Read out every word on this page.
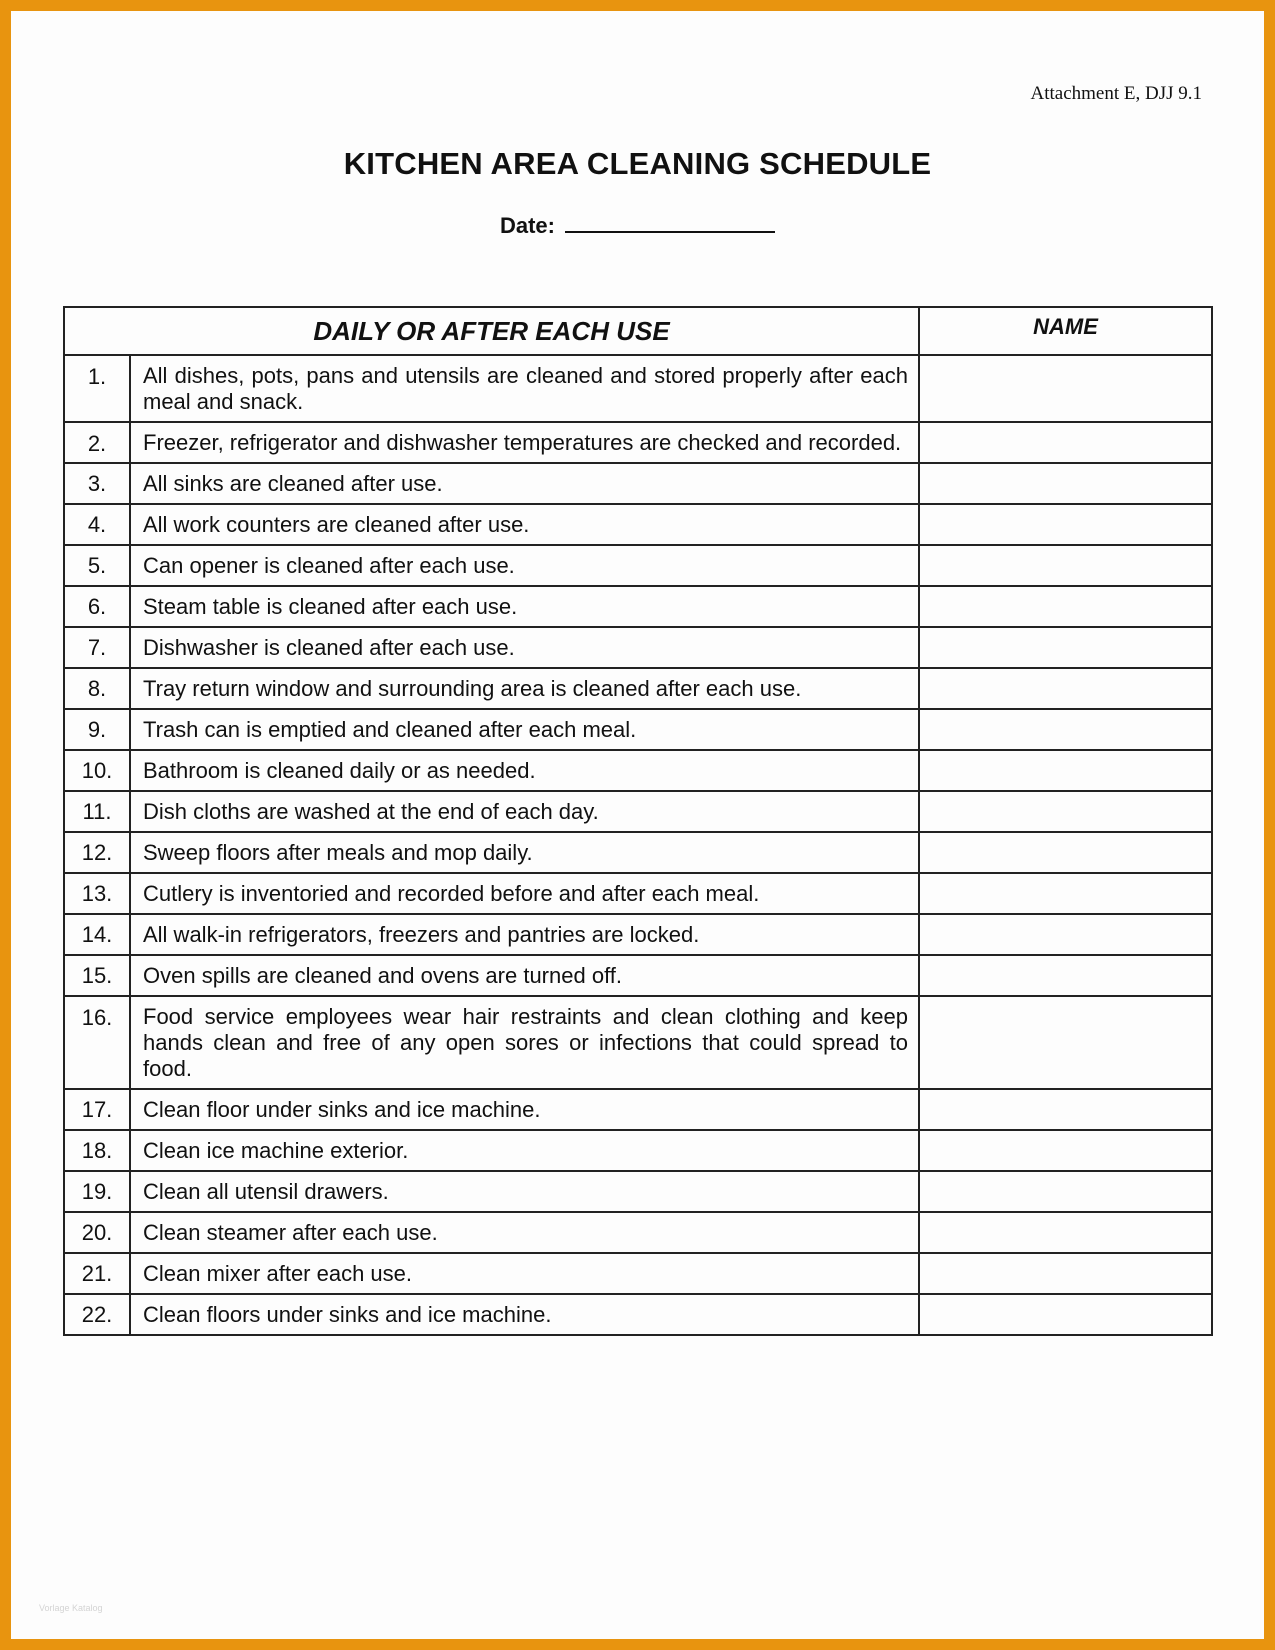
Attachment E, DJJ 9.1
KITCHEN AREA CLEANING SCHEDULE
Date:
DAILY OR AFTER EACH USE		NAME
1.	All dishes, pots, pans and utensils are cleaned and stored properly after each meal and snack.	
2.	Freezer, refrigerator and dishwasher temperatures are checked and recorded.	
3.	All sinks are cleaned after use.	
4.	All work counters are cleaned after use.	
5.	Can opener is cleaned after each use.	
6.	Steam table is cleaned after each use.	
7.	Dishwasher is cleaned after each use.	
8.	Tray return window and surrounding area is cleaned after each use.	
9.	Trash can is emptied and cleaned after each meal.	
10.	Bathroom is cleaned daily or as needed.	
11.	Dish cloths are washed at the end of each day.	
12.	Sweep floors after meals and mop daily.	
13.	Cutlery is inventoried and recorded before and after each meal.	
14.	All walk-in refrigerators, freezers and pantries are locked.	
15.	Oven spills are cleaned and ovens are turned off.	
16.	Food service employees wear hair restraints and clean clothing and keep hands clean and free of any open sores or infections that could spread to food.	
17.	Clean floor under sinks and ice machine.	
18.	Clean ice machine exterior.	
19.	Clean all utensil drawers.	
20.	Clean steamer after each use.	
21.	Clean mixer after each use.	
22.	Clean floors under sinks and ice machine.	
Vorlage Katalog
